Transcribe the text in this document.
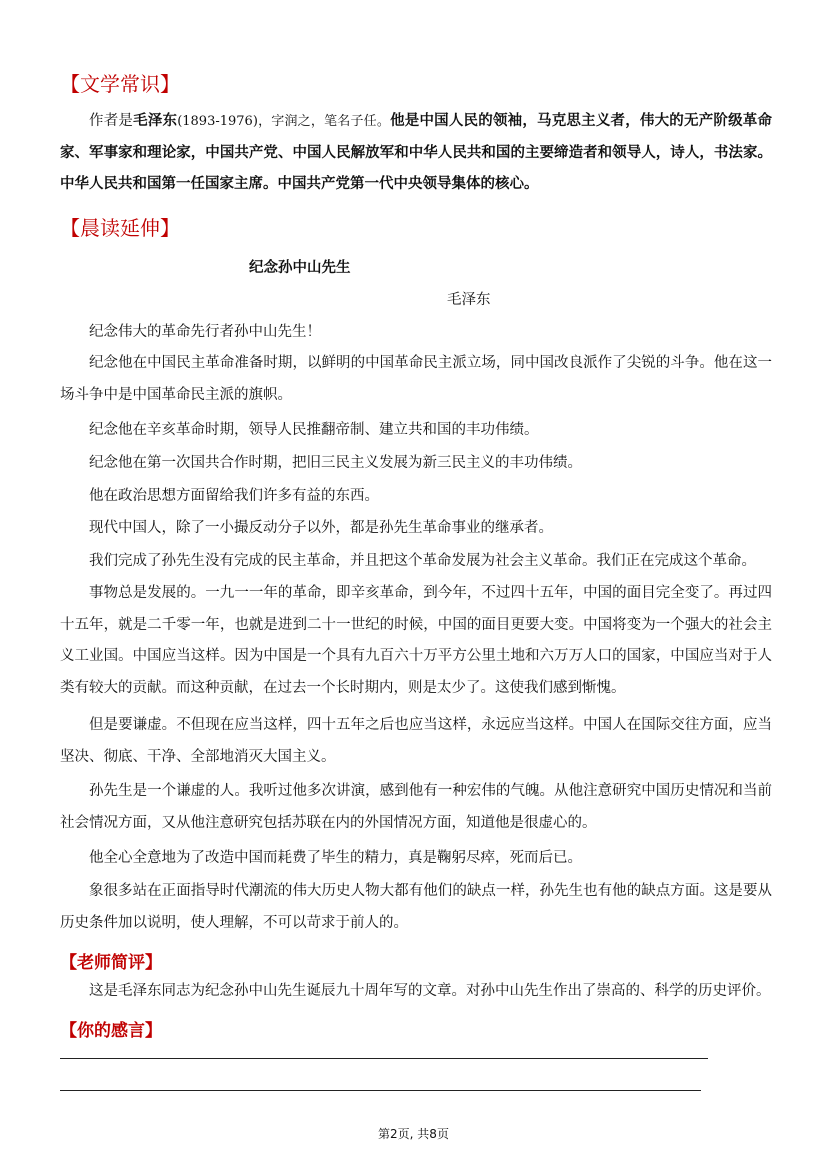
【文学常识】

作者是毛泽东(1893-1976)，字润之，笔名子任。他是中国人民的领袖，马克思主义者，伟大的无产阶级革命家、军事家和理论家，中国共产党、中国人民解放军和中华人民共和国的主要缔造者和领导人，诗人，书法家。中华人民共和国第一任国家主席。中国共产党第一代中央领导集体的核心。

【晨读延伸】
纪念孙中山先生
毛泽东

纪念伟大的革命先行者孙中山先生！

纪念他在中国民主革命准备时期，以鲜明的中国革命民主派立场，同中国改良派作了尖锐的斗争。他在这一场斗争中是中国革命民主派的旗帜。

纪念他在辛亥革命时期，领导人民推翻帝制、建立共和国的丰功伟绩。

纪念他在第一次国共合作时期，把旧三民主义发展为新三民主义的丰功伟绩。

他在政治思想方面留给我们许多有益的东西。

现代中国人，除了一小撮反动分子以外，都是孙先生革命事业的继承者。

我们完成了孙先生没有完成的民主革命，并且把这个革命发展为社会主义革命。我们正在完成这个革命。

事物总是发展的。一九一一年的革命，即辛亥革命，到今年，不过四十五年，中国的面目完全变了。再过四十五年，就是二千零一年，也就是进到二十一世纪的时候，中国的面目更要大变。中国将变为一个强大的社会主义工业国。中国应当这样。因为中国是一个具有九百六十万平方公里土地和六万万人口的国家，中国应当对于人类有较大的贡献。而这种贡献，在过去一个长时期内，则是太少了。这使我们感到惭愧。

但是要谦虚。不但现在应当这样，四十五年之后也应当这样，永远应当这样。中国人在国际交往方面，应当坚决、彻底、干净、全部地消灭大国主义。

孙先生是一个谦虚的人。我听过他多次讲演，感到他有一种宏伟的气魄。从他注意研究中国历史情况和当前社会情况方面，又从他注意研究包括苏联在内的外国情况方面，知道他是很虚心的。

他全心全意地为了改造中国而耗费了毕生的精力，真是鞠躬尽瘁，死而后已。

象很多站在正面指导时代潮流的伟大历史人物大都有他们的缺点一样，孙先生也有他的缺点方面。这是要从历史条件加以说明，使人理解，不可以苛求于前人的。

【老师简评】

这是毛泽东同志为纪念孙中山先生诞辰九十周年写的文章。对孙中山先生作出了崇高的、科学的历史评价。

【你的感言】
第2页, 共8页
